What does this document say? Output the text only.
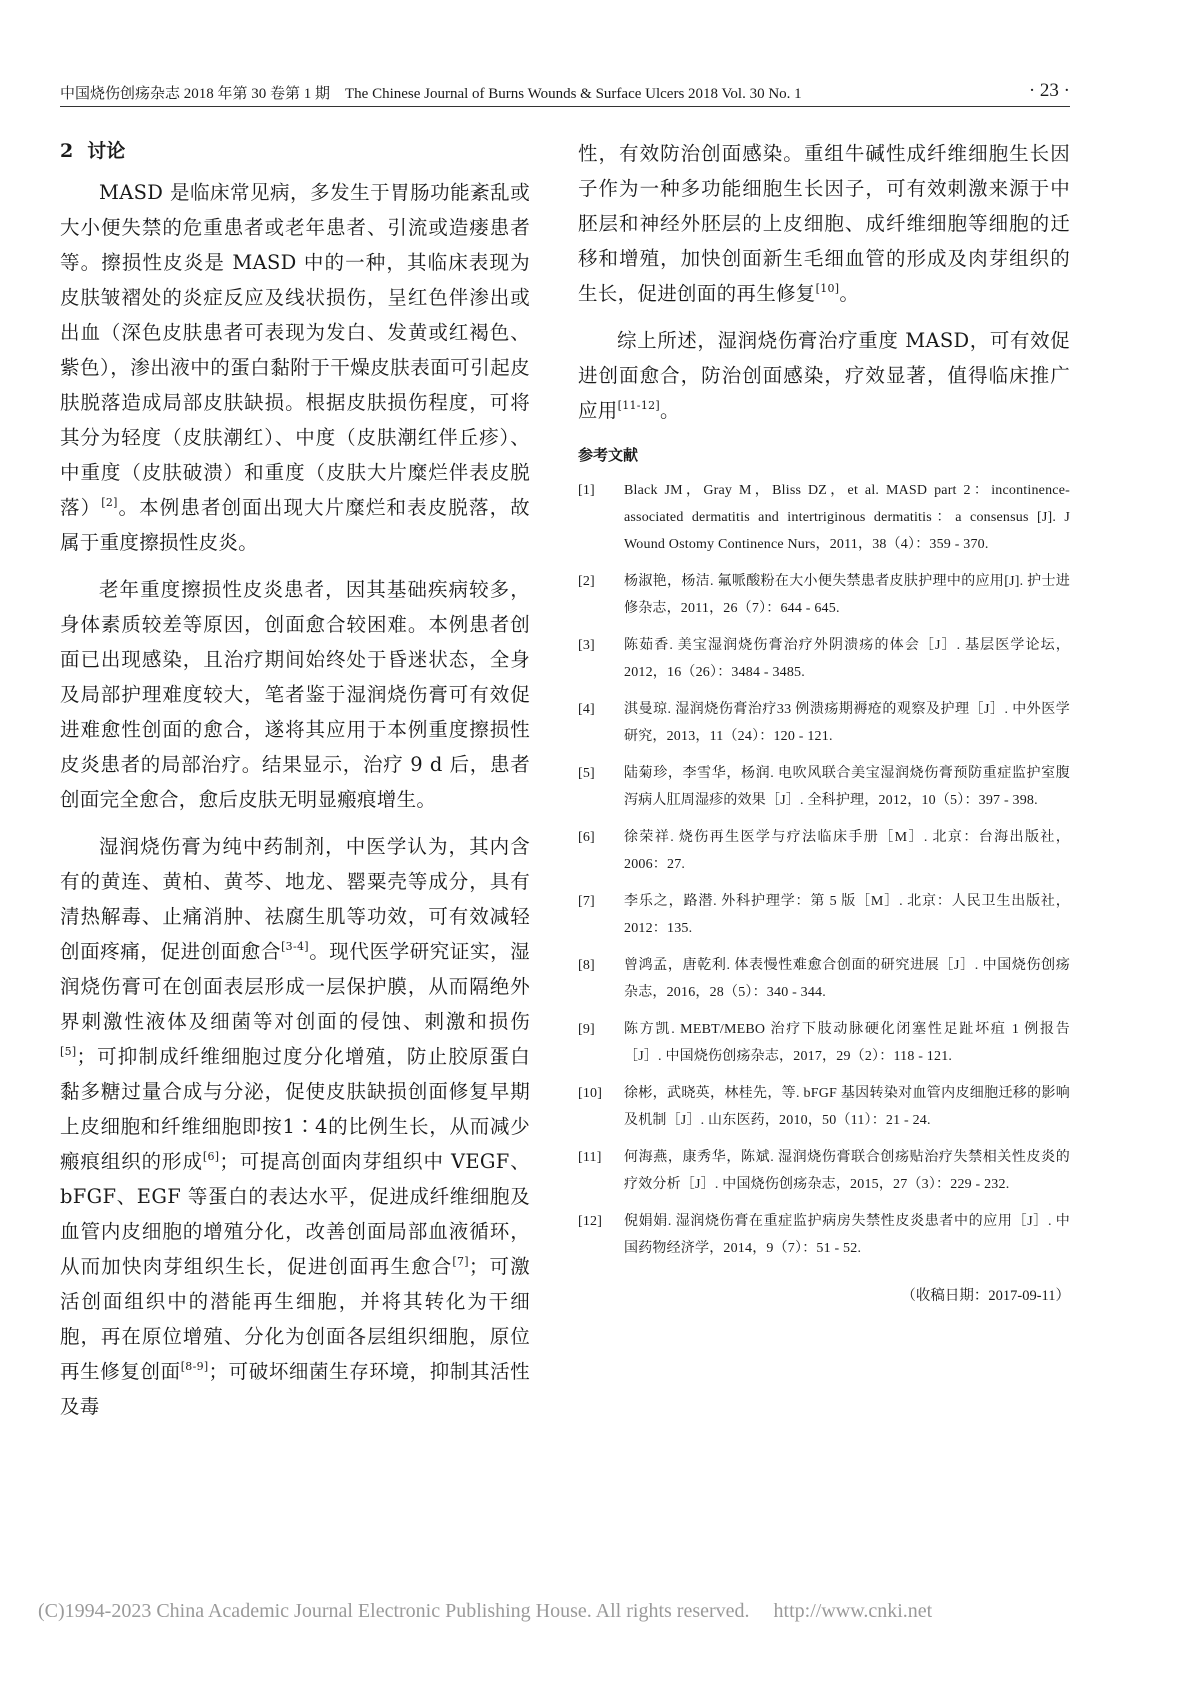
中国烧伤创疡杂志 2018 年第 30 卷第 1 期　The Chinese Journal of Burns Wounds & Surface Ulcers 2018 Vol. 30 No. 1	· 23 ·
2 讨论

MASD 是临床常见病，多发生于胃肠功能紊乱或大小便失禁的危重患者或老年患者、引流或造瘘患者等。擦损性皮炎是 MASD 中的一种，其临床表现为皮肤皱褶处的炎症反应及线状损伤，呈红色伴渗出或出血（深色皮肤患者可表现为发白、发黄或红褐色、紫色），渗出液中的蛋白黏附于干燥皮肤表面可引起皮肤脱落造成局部皮肤缺损。根据皮肤损伤程度，可将其分为轻度（皮肤潮红）、中度（皮肤潮红伴丘疹）、中重度（皮肤破溃）和重度（皮肤大片糜烂伴表皮脱落）[2]。本例患者创面出现大片糜烂和表皮脱落，故属于重度擦损性皮炎。

老年重度擦损性皮炎患者，因其基础疾病较多，身体素质较差等原因，创面愈合较困难。本例患者创面已出现感染，且治疗期间始终处于昏迷状态，全身及局部护理难度较大，笔者鉴于湿润烧伤膏可有效促进难愈性创面的愈合，遂将其应用于本例重度擦损性皮炎患者的局部治疗。结果显示，治疗 9 d 后，患者创面完全愈合，愈后皮肤无明显瘢痕增生。

湿润烧伤膏为纯中药制剂，中医学认为，其内含有的黄连、黄柏、黄芩、地龙、罂粟壳等成分，具有清热解毒、止痛消肿、祛腐生肌等功效，可有效减轻创面疼痛，促进创面愈合[3-4]。现代医学研究证实，湿润烧伤膏可在创面表层形成一层保护膜，从而隔绝外界刺激性液体及细菌等对创面的侵蚀、刺激和损伤[5]；可抑制成纤维细胞过度分化增殖，防止胶原蛋白黏多糖过量合成与分泌，促使皮肤缺损创面修复早期上皮细胞和纤维细胞即按1∶4的比例生长，从而减少瘢痕组织的形成[6]；可提高创面肉芽组织中 VEGF、bFGF、EGF 等蛋白的表达水平，促进成纤维细胞及血管内皮细胞的增殖分化，改善创面局部血液循环，从而加快肉芽组织生长，促进创面再生愈合[7]；可激活创面组织中的潜能再生细胞，并将其转化为干细胞，再在原位增殖、分化为创面各层组织细胞，原位再生修复创面[8-9]；可破坏细菌生存环境，抑制其活性及毒

性，有效防治创面感染。重组牛碱性成纤维细胞生长因子作为一种多功能细胞生长因子，可有效刺激来源于中胚层和神经外胚层的上皮细胞、成纤维细胞等细胞的迁移和增殖，加快创面新生毛细血管的形成及肉芽组织的生长，促进创面的再生修复[10]。

综上所述，湿润烧伤膏治疗重度 MASD，可有效促进创面愈合，防治创面感染，疗效显著，值得临床推广应用[11-12]。

参考文献
[1] Black JM，Gray M，Bliss DZ，et al. MASD part 2：incontinence-associated dermatitis and intertriginous dermatitis：a consensus [J]. J Wound Ostomy Continence Nurs，2011，38（4）：359 - 370.
[2] 杨淑艳，杨洁. 氟哌酸粉在大小便失禁患者皮肤护理中的应用[J]. 护士进修杂志，2011，26（7）：644 - 645.
[3] 陈茹香. 美宝湿润烧伤膏治疗外阴溃疡的体会［J］. 基层医学论坛，2012，16（26）：3484 - 3485.
[4] 淇曼琼. 湿润烧伤膏治疗33 例溃疡期褥疮的观察及护理［J］. 中外医学研究，2013，11（24）：120 - 121.
[5] 陆菊珍，李雪华，杨润. 电吹风联合美宝湿润烧伤膏预防重症监护室腹泻病人肛周湿疹的效果［J］. 全科护理，2012，10（5）：397 - 398.
[6] 徐荣祥. 烧伤再生医学与疗法临床手册［M］. 北京：台海出版社，2006：27.
[7] 李乐之，路潜. 外科护理学：第 5 版［M］. 北京：人民卫生出版社，2012：135.
[8] 曾鸿孟，唐乾利. 体表慢性难愈合创面的研究进展［J］. 中国烧伤创疡杂志，2016，28（5）：340 - 344.
[9] 陈方凯. MEBT/MEBO 治疗下肢动脉硬化闭塞性足趾坏疽 1 例报告［J］. 中国烧伤创疡杂志，2017，29（2）：118 - 121.
[10] 徐彬，武晓英，林桂先，等. bFGF 基因转染对血管内皮细胞迁移的影响及机制［J］. 山东医药，2010，50（11）：21 - 24.
[11] 何海燕，康秀华，陈斌. 湿润烧伤膏联合创疡贴治疗失禁相关性皮炎的疗效分析［J］. 中国烧伤创疡杂志，2015，27（3）：229 - 232.
[12] 倪娟娟. 湿润烧伤膏在重症监护病房失禁性皮炎患者中的应用［J］. 中国药物经济学，2014，9（7）：51 - 52.
（收稿日期：2017-09-11）
(C)1994-2023 China Academic Journal Electronic Publishing House. All rights reserved. http://www.cnki.net
